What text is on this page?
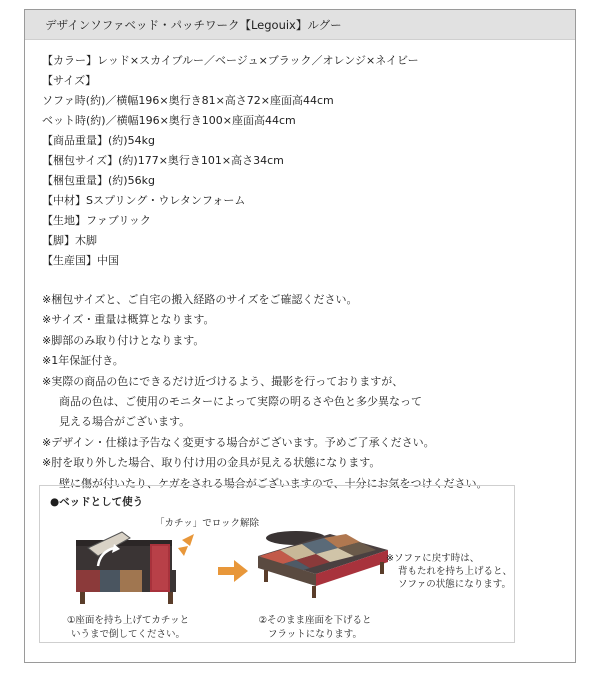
デザインソファベッド・パッチワーク【Legouix】ルグー
【カラー】レッド×スカイブルー／ベージュ×ブラック／オレンジ×ネイビー
【サイズ】
ソファ時(約)／横幅196×奥行き81×高さ72×座面高44cm
ベット時(約)／横幅196×奥行き100×座面高44cm
【商品重量】(約)54kg
【梱包サイズ】(約)177×奥行き101×高さ34cm
【梱包重量】(約)56kg
【中材】Sスプリング・ウレタンフォーム
【生地】ファブリック
【脚】木脚
【生産国】中国
※梱包サイズと、ご自宅の搬入経路のサイズをご確認ください。
※サイズ・重量は概算となります。
※脚部のみ取り付けとなります。
※1年保証付き。
※実際の商品の色にできるだけ近づけるよう、撮影を行っておりますが、
商品の色は、ご使用のモニターによって実際の明るさや色と多少異なって
見える場合がございます。
※デザイン・仕様は予告なく変更する場合がございます。予めご了承ください。
※肘を取り外した場合、取り付け用の金具が見える状態になります。
壁に傷が付いたり、ケガをされる場合がございますので、十分にお気をつけください。
●ベッドとして使う
「カチッ」でロック解除
①座面を持ち上げてカチッと
いうまで倒してください。
②そのまま座面を下げると
フラットになります。
※ソファに戻す時は、
背もたれを持ち上げると、
ソファの状態になります。
